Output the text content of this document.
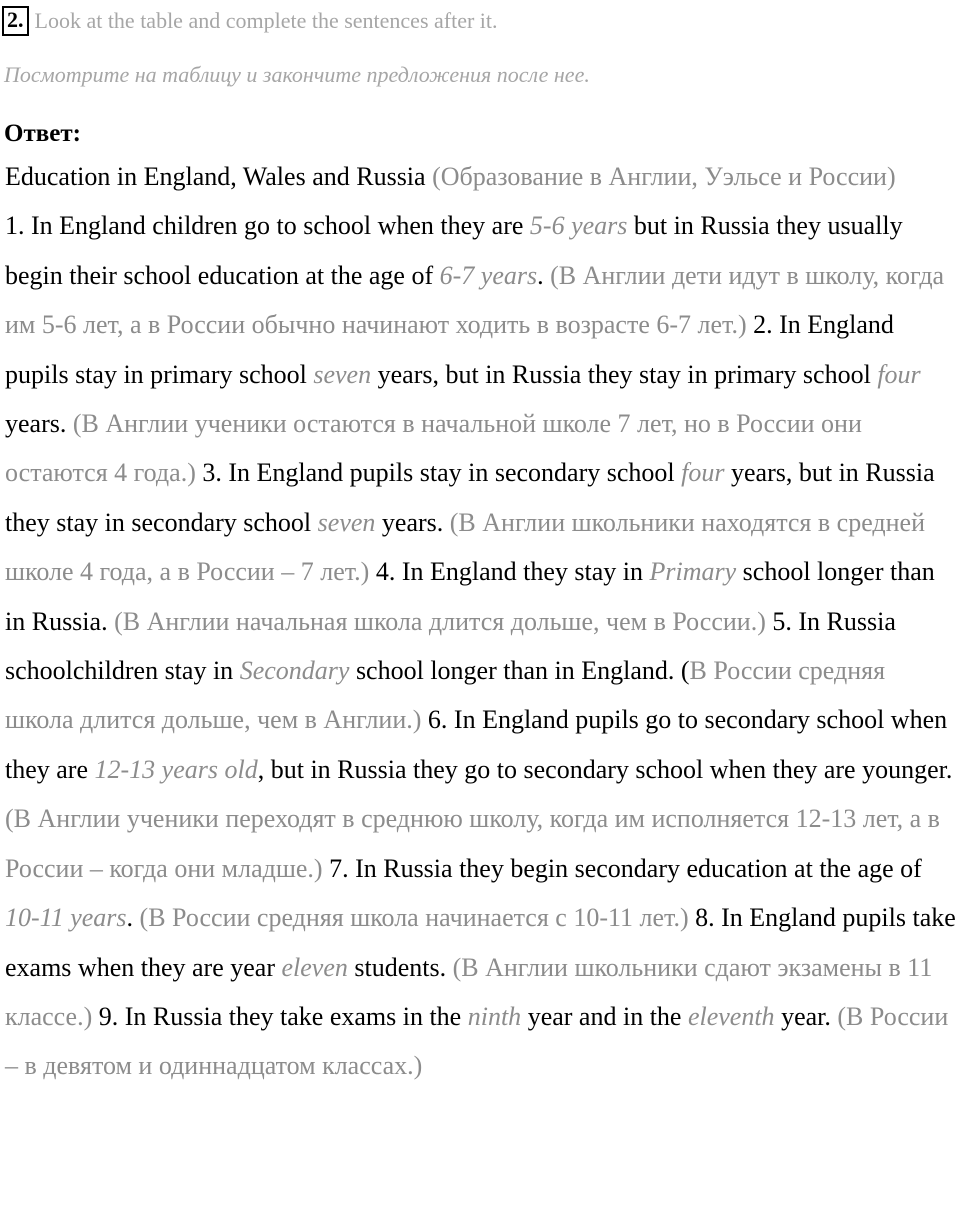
2. Look at the table and complete the sentences after it.
Посмотрите на таблицу и закончите предложения после нее.
Ответ:

Education in England, Wales and Russia (Образование в Англии, Уэльсе и России)
1. In England children go to school when they are 5-6 years but in Russia they usually begin their school education at the age of 6-7 years. (В Англии дети идут в школу, когда им 5-6 лет, а в России обычно начинают ходить в возрасте 6-7 лет.) 2. In England pupils stay in primary school seven years, but in Russia they stay in primary school four years. (В Англии ученики остаются в начальной школе 7 лет, но в России они остаются 4 года.) 3. In England pupils stay in secondary school four years, but in Russia they stay in secondary school seven years. (В Англии школьники находятся в средней школе 4 года, а в России – 7 лет.) 4. In England they stay in Primary school longer than in Russia. (В Англии начальная школа длится дольше, чем в России.) 5. In Russia schoolchildren stay in Secondary school longer than in England. (В России средняя школа длится дольше, чем в Англии.) 6. In England pupils go to secondary school when they are 12-13 years old, but in Russia they go to secondary school when they are younger. (В Англии ученики переходят в среднюю школу, когда им исполняется 12-13 лет, а в России – когда они младше.) 7. In Russia they begin secondary education at the age of 10-11 years. (В России средняя школа начинается с 10-11 лет.) 8. In England pupils take exams when they are year eleven students. (В Англии школьники сдают экзамены в 11 классе.) 9. In Russia they take exams in the ninth year and in the eleventh year. (В России – в девятом и одиннадцатом классах.)
